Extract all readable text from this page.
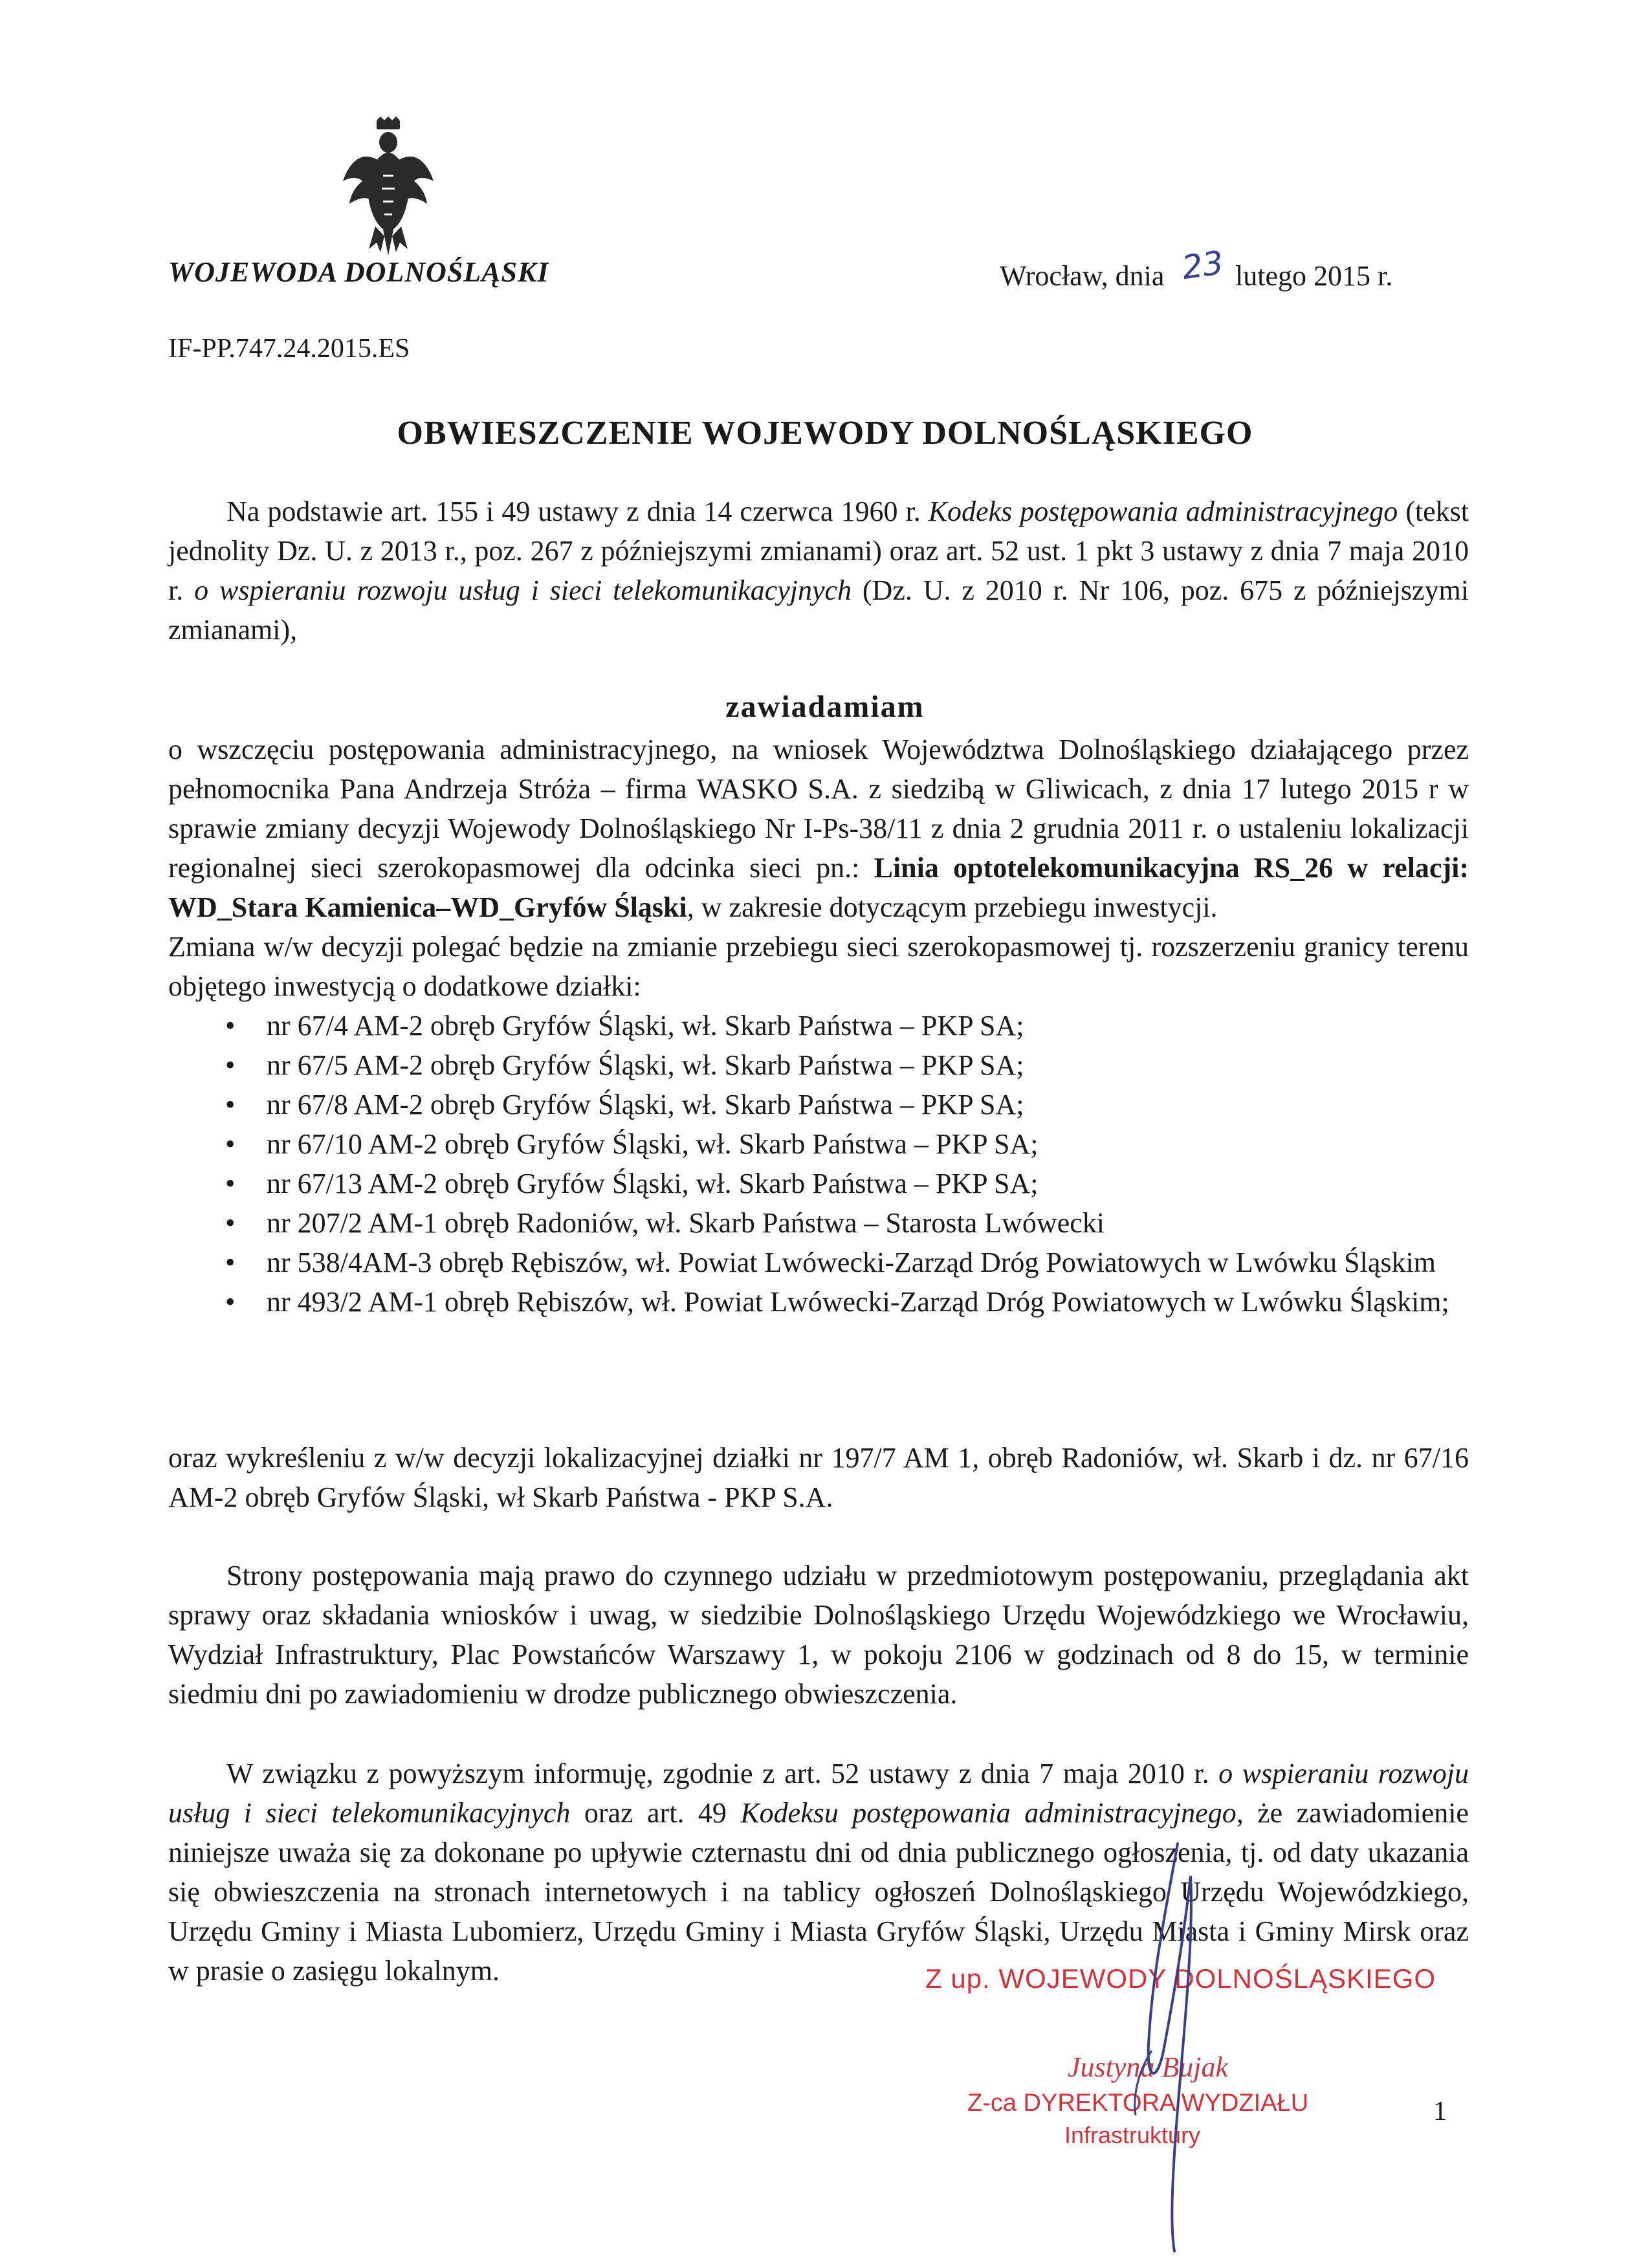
WOJEWODA DOLNOŚLĄSKI	Wrocław, dnia 23 lutego 2015 r.
IF-PP.747.24.2015.ES
OBWIESZCZENIE WOJEWODY DOLNOŚLĄSKIEGO

Na podstawie art. 155 i 49 ustawy z dnia 14 czerwca 1960 r. Kodeks postępowania administracyjnego (tekst jednolity Dz. U. z 2013 r., poz. 267 z późniejszymi zmianami) oraz art. 52 ust. 1 pkt 3 ustawy z dnia 7 maja 2010 r. o wspieraniu rozwoju usług i sieci telekomunikacyjnych (Dz. U. z 2010 r. Nr 106, poz. 675 z późniejszymi zmianami),

zawiadamiam

o wszczęciu postępowania administracyjnego, na wniosek Województwa Dolnośląskiego działającego przez pełnomocnika Pana Andrzeja Stróża – firma WASKO S.A. z siedzibą w Gliwicach, z dnia 17 lutego 2015 r w sprawie zmiany decyzji Wojewody Dolnośląskiego Nr I-Ps-38/11 z dnia 2 grudnia 2011 r. o ustaleniu lokalizacji regionalnej sieci szerokopasmowej dla odcinka sieci pn.: Linia optotelekomunikacyjna RS_26 w relacji: WD_Stara Kamienica–WD_Gryfów Śląski, w zakresie dotyczącym przebiegu inwestycji.

Zmiana w/w decyzji polegać będzie na zmianie przebiegu sieci szerokopasmowej tj. rozszerzeniu granicy terenu objętego inwestycją o dodatkowe działki:

• nr 67/4 AM-2 obręb Gryfów Śląski, wł. Skarb Państwa – PKP SA;
• nr 67/5 AM-2 obręb Gryfów Śląski, wł. Skarb Państwa – PKP SA;
• nr 67/8 AM-2 obręb Gryfów Śląski, wł. Skarb Państwa – PKP SA;
• nr 67/10 AM-2 obręb Gryfów Śląski, wł. Skarb Państwa – PKP SA;
• nr 67/13 AM-2 obręb Gryfów Śląski, wł. Skarb Państwa – PKP SA;
• nr 207/2 AM-1 obręb Radoniów, wł. Skarb Państwa – Starosta Lwówecki
• nr 538/4AM-3 obręb Rębiszów, wł. Powiat Lwówecki-Zarząd Dróg Powiatowych w Lwówku Śląskim
• nr 493/2 AM-1 obręb Rębiszów, wł. Powiat Lwówecki-Zarząd Dróg Powiatowych w Lwówku Śląskim;

oraz wykreśleniu z w/w decyzji lokalizacyjnej działki nr 197/7 AM 1, obręb Radoniów, wł. Skarb i dz. nr 67/16 AM-2 obręb Gryfów Śląski, wł Skarb Państwa - PKP S.A.

Strony postępowania mają prawo do czynnego udziału w przedmiotowym postępowaniu, przeglądania akt sprawy oraz składania wniosków i uwag, w siedzibie Dolnośląskiego Urzędu Wojewódzkiego we Wrocławiu, Wydział Infrastruktury, Plac Powstańców Warszawy 1, w pokoju 2106 w godzinach od 8 do 15, w terminie siedmiu dni po zawiadomieniu w drodze publicznego obwieszczenia.

W związku z powyższym informuję, zgodnie z art. 52 ustawy z dnia 7 maja 2010 r. o wspieraniu rozwoju usług i sieci telekomunikacyjnych oraz art. 49 Kodeksu postępowania administracyjnego, że zawiadomienie niniejsze uważa się za dokonane po upływie czternastu dni od dnia publicznego ogłoszenia, tj. od daty ukazania się obwieszczenia na stronach internetowych i na tablicy ogłoszeń Dolnośląskiego Urzędu Wojewódzkiego, Urzędu Gminy i Miasta Lubomierz, Urzędu Gminy i Miasta Gryfów Śląski, Urzędu Miasta i Gminy Mirsk oraz w prasie o zasięgu lokalnym.	Z up. WOJEWODY DOLNOŚLĄSKIEGO
Justyna Bujak
Z-ca DYREKTORA WYDZIAŁU
Infrastruktury
1
